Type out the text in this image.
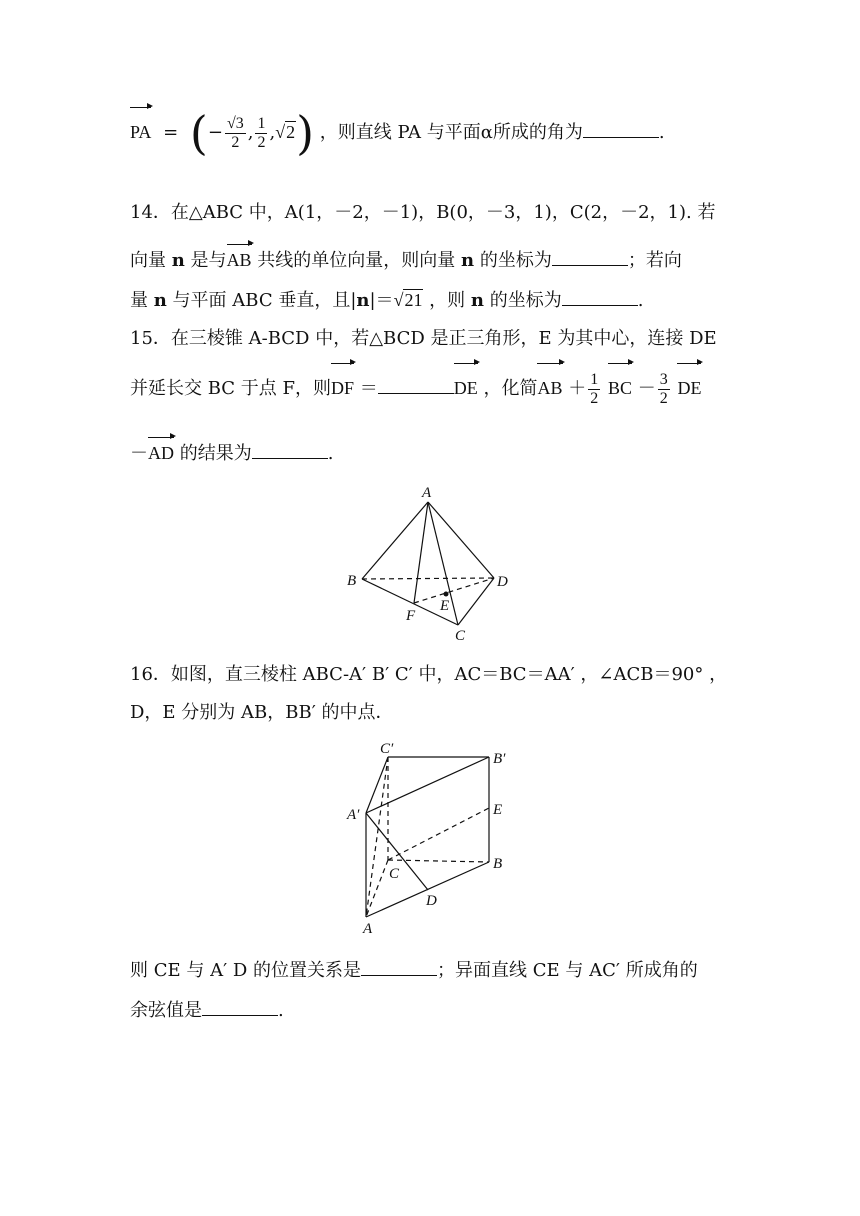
PA = (− $\frac{√3}{2}$ , $\frac{1}{2} ,√2$) ，则直线 PA 与平面α所成的角为	.
14．在△ABC 中，A(1，－2，－1)，B(0，－3，1)，C(2，－2，1). 若
向量 n 是与AB 共线的单位向量，则向量 n 的坐标为	；若向
量 n 与平面 ABC 垂直，且|n|＝√21 ，则 n 的坐标为	.
15．在三棱锥 A-BCD 中，若△BCD 是正三角形，E 为其中心，连接 DE
并延长交 BC 于点 F，则DF ＝	DE ，化简AB ＋ $\frac{1}{2}$ BC － $\frac{3}{2}$ DE
－AD 的结果为	.
A
B	D
F
E
C
16．如图，直三棱柱 ABC-A′ B′ C′ 中，AC＝BC＝AA′ ，∠ACB＝90° ，
D，E 分别为 AB，BB′ 的中点．
C′
B′
A′	E
C
B
D
A
则 CE 与 A′ D 的位置关系是	；异面直线 CE 与 AC′ 所成角的
余弦值是	.
